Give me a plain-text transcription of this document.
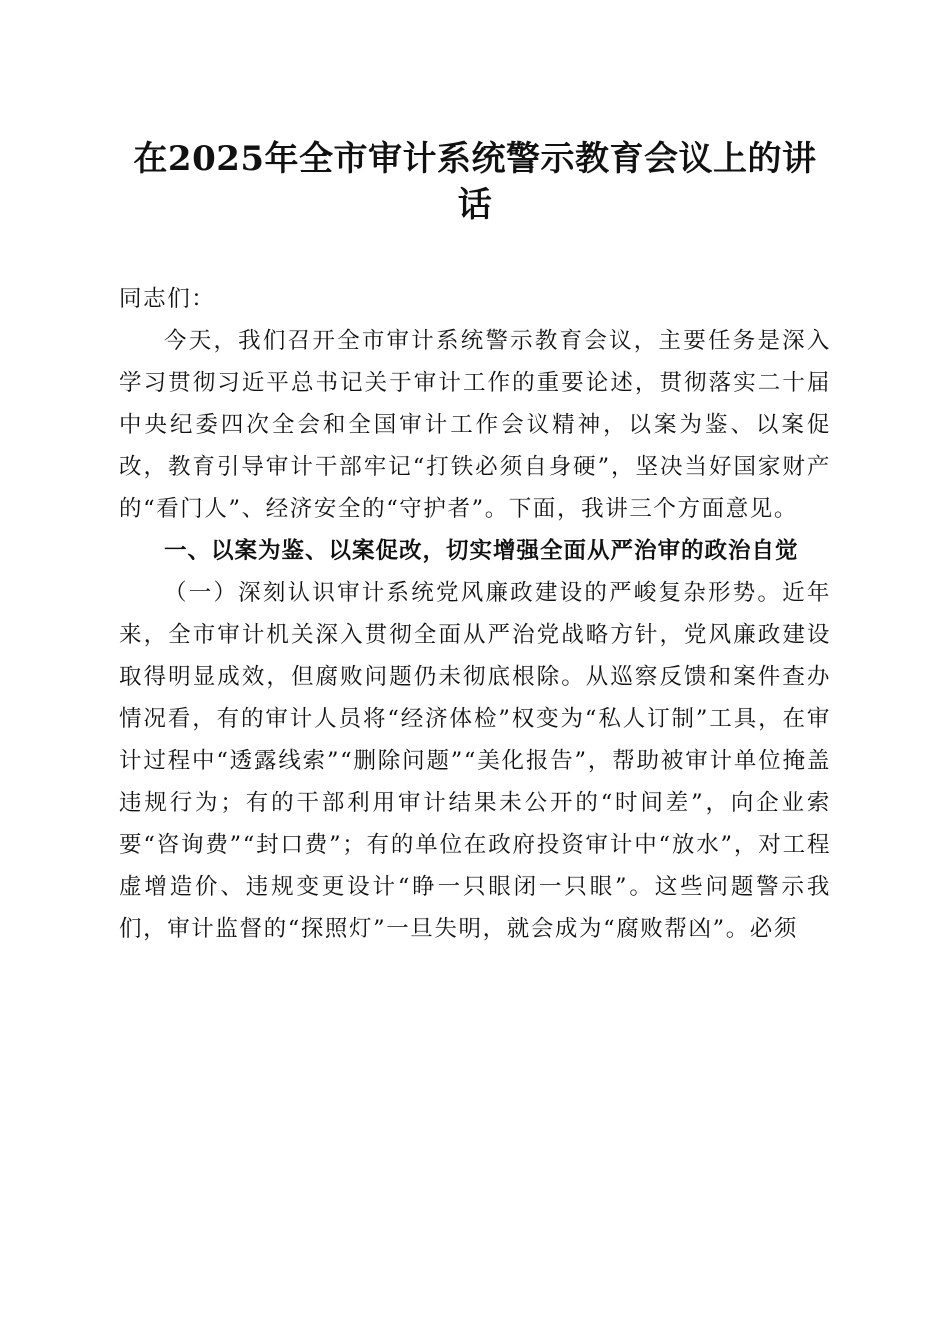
在2025年全市审计系统警示教育会议上的讲话

同志们：

今天，我们召开全市审计系统警示教育会议，主要任务是深入学习贯彻习近平总书记关于审计工作的重要论述，贯彻落实二十届中央纪委四次全会和全国审计工作会议精神，以案为鉴、以案促改，教育引导审计干部牢记“打铁必须自身硬”，坚决当好国家财产的“看门人”、经济安全的“守护者”。下面，我讲三个方面意见。

一、以案为鉴、以案促改，切实增强全面从严治审的政治自觉

（一）深刻认识审计系统党风廉政建设的严峻复杂形势。近年来，全市审计机关深入贯彻全面从严治党战略方针，党风廉政建设取得明显成效，但腐败问题仍未彻底根除。从巡察反馈和案件查办情况看，有的审计人员将“经济体检”权变为“私人订制”工具，在审计过程中“透露线索”“删除问题”“美化报告”，帮助被审计单位掩盖违规行为；有的干部利用审计结果未公开的“时间差”，向企业索要“咨询费”“封口费”；有的单位在政府投资审计中“放水”，对工程虚增造价、违规变更设计“睁一只眼闭一只眼”。这些问题警示我们，审计监督的“探照灯”一旦失明，就会成为“腐败帮凶”。必须
